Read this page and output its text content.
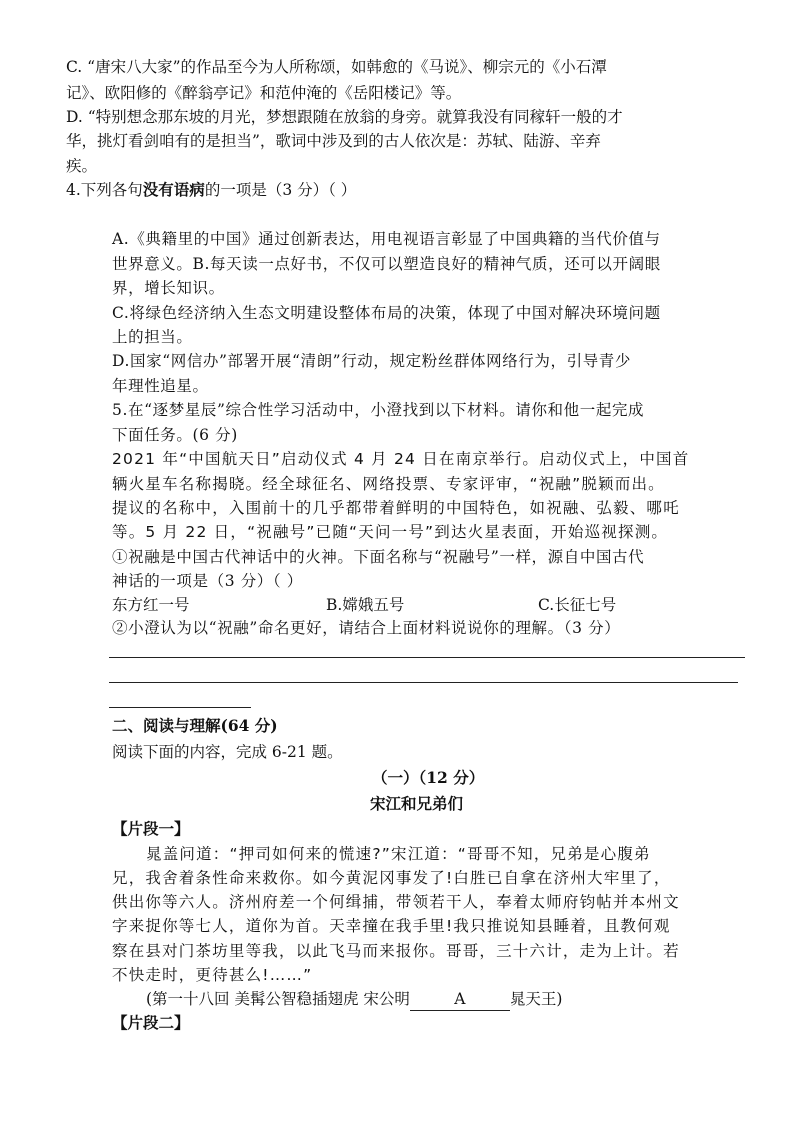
C. “唐宋八大家”的作品至今为人所称颂，如韩愈的《马说》、柳宗元的《小石潭
记》、欧阳修的《醉翁亭记》和范仲淹的《岳阳楼记》等。
D. “特别想念那东坡的月光，梦想跟随在放翁的身旁。就算我没有同稼轩一般的才
华，挑灯看剑咱有的是担当”，歌词中涉及到的古人依次是：苏轼、陆游、辛弃
疾。
4.下列各句没有语病的一项是（3 分）（ ）
A.《典籍里的中国》通过创新表达，用电视语言彰显了中国典籍的当代价值与
世界意义。B.每天读一点好书，不仅可以塑造良好的精神气质，还可以开阔眼
界，增长知识。
C.将绿色经济纳入生态文明建设整体布局的决策，体现了中国对解决环境问题
上的担当。
D.国家“网信办”部署开展“清朗”行动，规定粉丝群体网络行为，引导青少
年理性追星。
5.在“逐梦星辰”综合性学习活动中，小澄找到以下材料。请你和他一起完成
下面任务。(6 分)
2021 年“中国航天日”启动仪式 4 月 24 日在南京举行。启动仪式上，中国首
辆火星车名称揭晓。经全球征名、网络投票、专家评审，“祝融”脱颖而出。
提议的名称中，入围前十的几乎都带着鲜明的中国特色，如祝融、弘毅、哪吒
等。5 月 22 日，“祝融号”已随“天问一号”到达火星表面，开始巡视探测。
①祝融是中国古代神话中的火神。下面名称与“祝融号”一样，源自中国古代
神话的一项是（3 分）（ ）
东方红一号	B.嫦娥五号	C.长征七号
②小澄认为以“祝融”命名更好，请结合上面材料说说你的理解。（3 分）
二、阅读与理解(64 分)
阅读下面的内容，完成 6-21 题。
（一）（12 分）
宋江和兄弟们
【片段一】
晁盖问道：“押司如何来的慌速?”宋江道：“哥哥不知，兄弟是心腹弟
兄，我舍着条性命来救你。如今黄泥冈事发了!白胜已自拿在济州大牢里了，
供出你等六人。济州府差一个何缉捕，带领若干人，奉着太师府钧帖并本州文
字来捉你等七人，道你为首。天幸撞在我手里!我只推说知县睡着，且教何观
察在县对门茶坊里等我，以此飞马而来报你。哥哥，三十六计，走为上计。若
不快走时，更待甚么!……”
(第一十八回 美髯公智稳插翅虎 宋公明	A	晁天王)
【片段二】
